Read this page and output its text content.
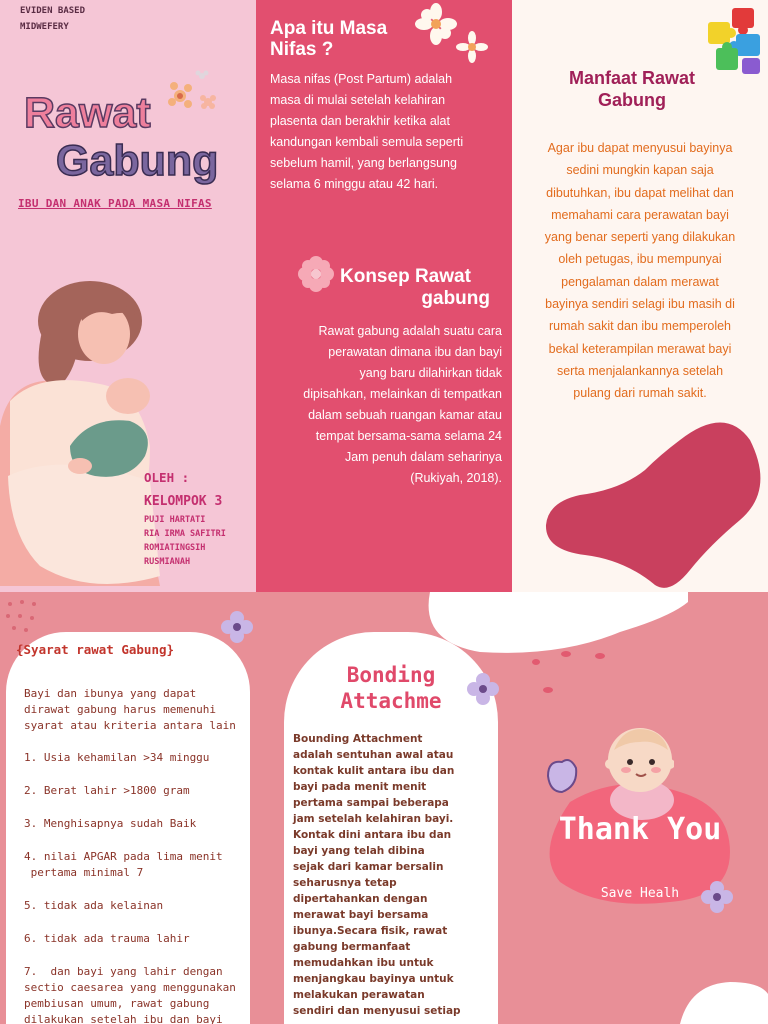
EVIDEN BASED
MIDWEFERY
Rawat
Gabung
IBU DAN ANAK PADA MASA NIFAS
OLEH :
KELOMPOK 3
PUJI HARTATI
RIA IRMA SAFITRI
ROMIATINGSIH
RUSMIANAH
Apa itu Masa
Nifas ?
Masa nifas (Post Partum) adalah
masa di mulai setelah kelahiran
plasenta dan berakhir ketika alat
kandungan kembali semula seperti
sebelum hamil, yang berlangsung
selama 6 minggu atau 42 hari.
Konsep Rawat
gabung
Rawat gabung adalah suatu cara
perawatan dimana ibu dan bayi
yang baru dilahirkan tidak
dipisahkan, melainkan di tempatkan
dalam sebuah ruangan kamar atau
tempat bersama-sama selama 24
Jam penuh dalam seharinya
(Rukiyah, 2018).
Manfaat Rawat
Gabung
Agar ibu dapat menyusui bayinya
sedini mungkin kapan saja
dibutuhkan, ibu dapat melihat dan
memahami cara perawatan bayi
yang benar seperti yang dilakukan
oleh petugas, ibu mempunyai
pengalaman dalam merawat
bayinya sendiri selagi ibu masih di
rumah sakit dan ibu memperoleh
bekal keterampilan merawat bayi
serta menjalankannya setelah
pulang dari rumah sakit.
{Syarat rawat Gabung}
Bayi dan ibunya yang dapat
dirawat gabung harus memenuhi
syarat atau kriteria antara lain
1. Usia kehamilan >34 minggu
2. Berat lahir >1800 gram
3. Menghisapnya sudah Baik
4. nilai APGAR pada lima menit
pertama minimal 7
5. tidak ada kelainan
6. tidak ada trauma lahir
7.  dan bayi yang lahir dengan
sectio caesarea yang menggunakan
pembiusan umum, rawat gabung
dilakukan setelah ibu dan bayi
Bonding
Attachme
Bounding Attachment
adalah sentuhan awal atau
kontak kulit antara ibu dan
bayi pada menit menit
pertama sampai beberapa
jam setelah kelahiran bayi.
Kontak dini antara ibu dan
bayi yang telah dibina
sejak dari kamar bersalin
seharusnya tetap
dipertahankan dengan
merawat bayi bersama
ibunya.Secara fisik, rawat
gabung bermanfaat
memudahkan ibu untuk
menjangkau bayinya untuk
melakukan perawatan
sendiri dan menyusui setiap
Thank You
Save Healh
